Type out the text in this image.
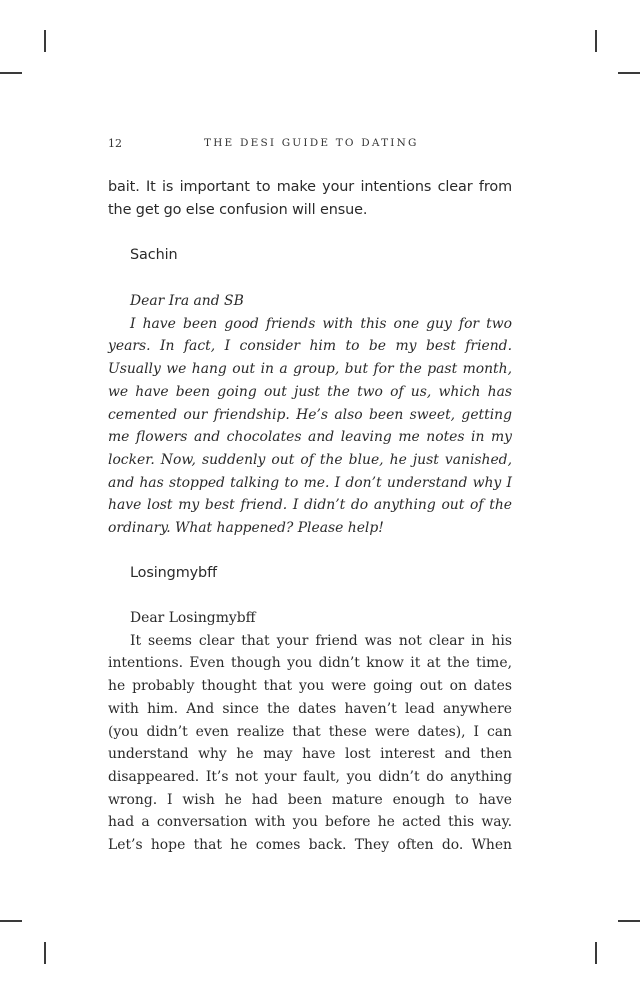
12	THE DESI GUIDE TO DATING
bait. It is important to make your intentions clear from
the get go else confusion will ensue.
Sachin
Dear Ira and SB
I have been good friends with this one guy for two
years. In fact, I consider him to be my best friend.
Usually we hang out in a group, but for the past month,
we have been going out just the two of us, which has
cemented our friendship. He’s also been sweet, getting
me flowers and chocolates and leaving me notes in my
locker. Now, suddenly out of the blue, he just vanished,
and has stopped talking to me. I don’t understand why I
have lost my best friend. I didn’t do anything out of the
ordinary. What happened? Please help!
Losingmybff
Dear Losingmybff
It seems clear that your friend was not clear in his
intentions. Even though you didn’t know it at the time,
he probably thought that you were going out on dates
with him. And since the dates haven’t lead anywhere
(you didn’t even realize that these were dates), I can
understand why he may have lost interest and then
disappeared. It’s not your fault, you didn’t do anything
wrong. I wish he had been mature enough to have
had a conversation with you before he acted this way.
Let’s hope that he comes back. They often do. When
